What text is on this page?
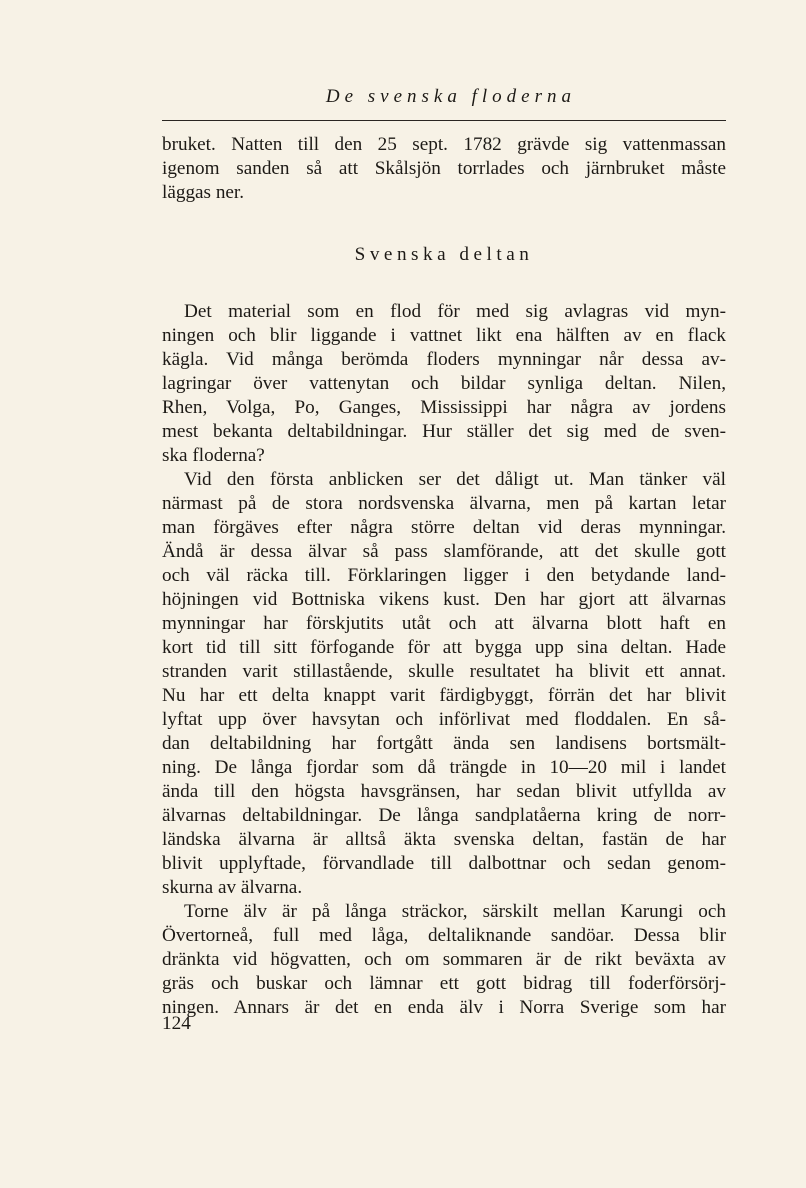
De svenska floderna
bruket. Natten till den 25 sept. 1782 grävde sig vattenmassan
igenom sanden så att Skålsjön torrlades och järnbruket måste
läggas ner.
Svenska deltan
Det material som en flod för med sig avlagras vid myn-
ningen och blir liggande i vattnet likt ena hälften av en flack
kägla. Vid många berömda floders mynningar når dessa av-
lagringar över vattenytan och bildar synliga deltan. Nilen,
Rhen, Volga, Po, Ganges, Mississippi har några av jordens
mest bekanta deltabildningar. Hur ställer det sig med de sven-
ska floderna?
Vid den första anblicken ser det dåligt ut. Man tänker väl
närmast på de stora nordsvenska älvarna, men på kartan letar
man förgäves efter några större deltan vid deras mynningar.
Ändå är dessa älvar så pass slamförande, att det skulle gott
och väl räcka till. Förklaringen ligger i den betydande land-
höjningen vid Bottniska vikens kust. Den har gjort att älvarnas
mynningar har förskjutits utåt och att älvarna blott haft en
kort tid till sitt förfogande för att bygga upp sina deltan. Hade
stranden varit stillastående, skulle resultatet ha blivit ett annat.
Nu har ett delta knappt varit färdigbyggt, förrän det har blivit
lyftat upp över havsytan och införlivat med floddalen. En så-
dan deltabildning har fortgått ända sen landisens bortsmält-
ning. De långa fjordar som då trängde in 10—20 mil i landet
ända till den högsta havsgränsen, har sedan blivit utfyllda av
älvarnas deltabildningar. De långa sandplatåerna kring de norr-
ländska älvarna är alltså äkta svenska deltan, fastän de har
blivit upplyftade, förvandlade till dalbottnar och sedan genom-
skurna av älvarna.
Torne älv är på långa sträckor, särskilt mellan Karungi och
Övertorneå, full med låga, deltaliknande sandöar. Dessa blir
dränkta vid högvatten, och om sommaren är de rikt beväxta av
gräs och buskar och lämnar ett gott bidrag till foderförsörj-
ningen. Annars är det en enda älv i Norra Sverige som har
124
